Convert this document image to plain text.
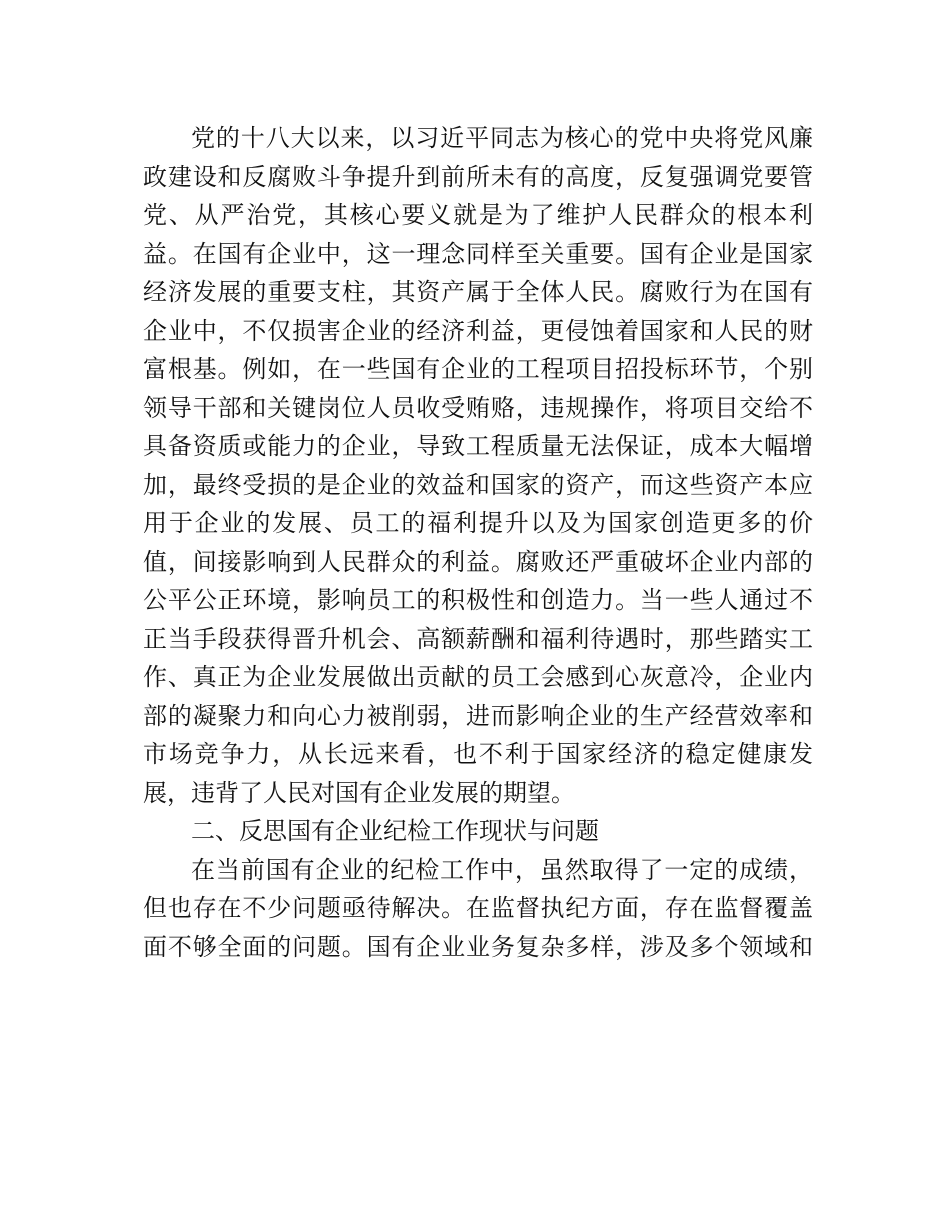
党的十八大以来，以习近平同志为核心的党中央将党风廉
政建设和反腐败斗争提升到前所未有的高度，反复强调党要管
党、从严治党，其核心要义就是为了维护人民群众的根本利
益。在国有企业中，这一理念同样至关重要。国有企业是国家
经济发展的重要支柱，其资产属于全体人民。腐败行为在国有
企业中，不仅损害企业的经济利益，更侵蚀着国家和人民的财
富根基。例如，在一些国有企业的工程项目招投标环节，个别
领导干部和关键岗位人员收受贿赂，违规操作，将项目交给不
具备资质或能力的企业，导致工程质量无法保证，成本大幅增
加，最终受损的是企业的效益和国家的资产，而这些资产本应
用于企业的发展、员工的福利提升以及为国家创造更多的价
值，间接影响到人民群众的利益。腐败还严重破坏企业内部的
公平公正环境，影响员工的积极性和创造力。当一些人通过不
正当手段获得晋升机会、高额薪酬和福利待遇时，那些踏实工
作、真正为企业发展做出贡献的员工会感到心灰意冷，企业内
部的凝聚力和向心力被削弱，进而影响企业的生产经营效率和
市场竞争力，从长远来看，也不利于国家经济的稳定健康发
展，违背了人民对国有企业发展的期望。
二、反思国有企业纪检工作现状与问题
在当前国有企业的纪检工作中，虽然取得了一定的成绩，
但也存在不少问题亟待解决。在监督执纪方面，存在监督覆盖
面不够全面的问题。国有企业业务复杂多样，涉及多个领域和
